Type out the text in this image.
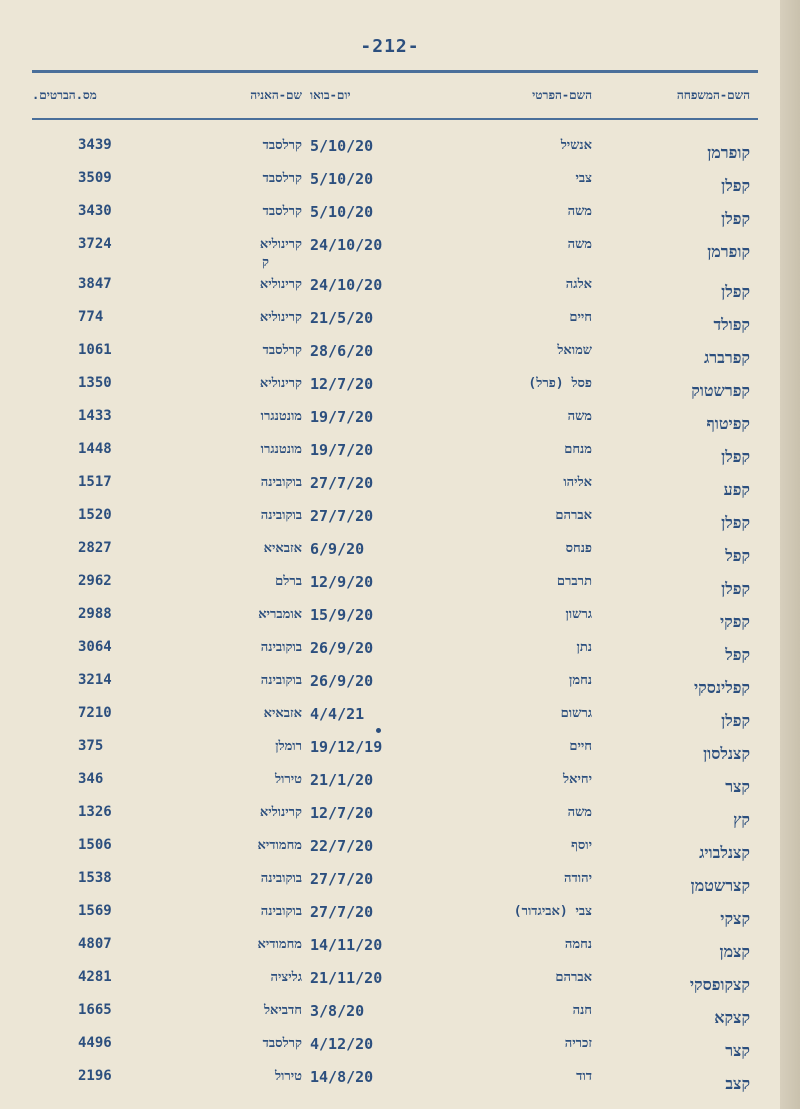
-212-
השם-המשפחה
השם-הפרטי
יום-בואו
שם-האניה
מס.הברטים.
קופרמן
אנשיל
5/10/20
קרלסבד
3439
קפלן
צבי
5/10/20
קרלסבד
3509
קפלן
משה
5/10/20
קרלסבד
3430
קופרמן
משה
24/10/20
קרינוליא
3724
קפלן
אלגה
24/10/20
קרינוליא
3847
קפולד
חיים
21/5/20
קרינוליא
774
קפרברג
שמואל
28/6/20
קרלסבד
1061
קפרשטוק
פסל (פרל)
12/7/20
קרינוליא
1350
קפיטוף
משה
19/7/20
מונטנגרו
1433
קפלן
מנחם
19/7/20
מונטנגרו
1448
קפע
אליהו
27/7/20
בוקובינה
1517
קפלן
אברהם
27/7/20
בוקובינה
1520
קפל
פנחס
6/9/20
אזבאיא
2827
קפלן
תרברם
12/9/20
ברלם
2962
קפקי
גרשון
15/9/20
אומבריא
2988
קפל
נתן
26/9/20
בוקובינה
3064
קפלינסקי
נחמן
26/9/20
בוקובינה
3214
קפלן
גרשום
4/4/21
אזבאיא
7210
קצנלסון
חיים
19/12/19
רומלן
375
קצר
יחיאל
21/1/20
טירול
346
קץ
משה
12/7/20
קרינוליא
1326
קצנלבויג
יוסף
22/7/20
מחמודיא
1506
קצרשטמן
יהודה
27/7/20
בוקובינה
1538
קצקי
צבי (אביגדור)
27/7/20
בוקובינה
1569
קצמן
נחמה
14/11/20
מחמודיא
4807
קצקופסקי
אברהם
21/11/20
גליציה
4281
קצקא
חנה
3/8/20
חדביאל
1665
קצר
זכריה
4/12/20
קרלסבד
4496
קצב
דוד
14/8/20
טירול
2196
ק
